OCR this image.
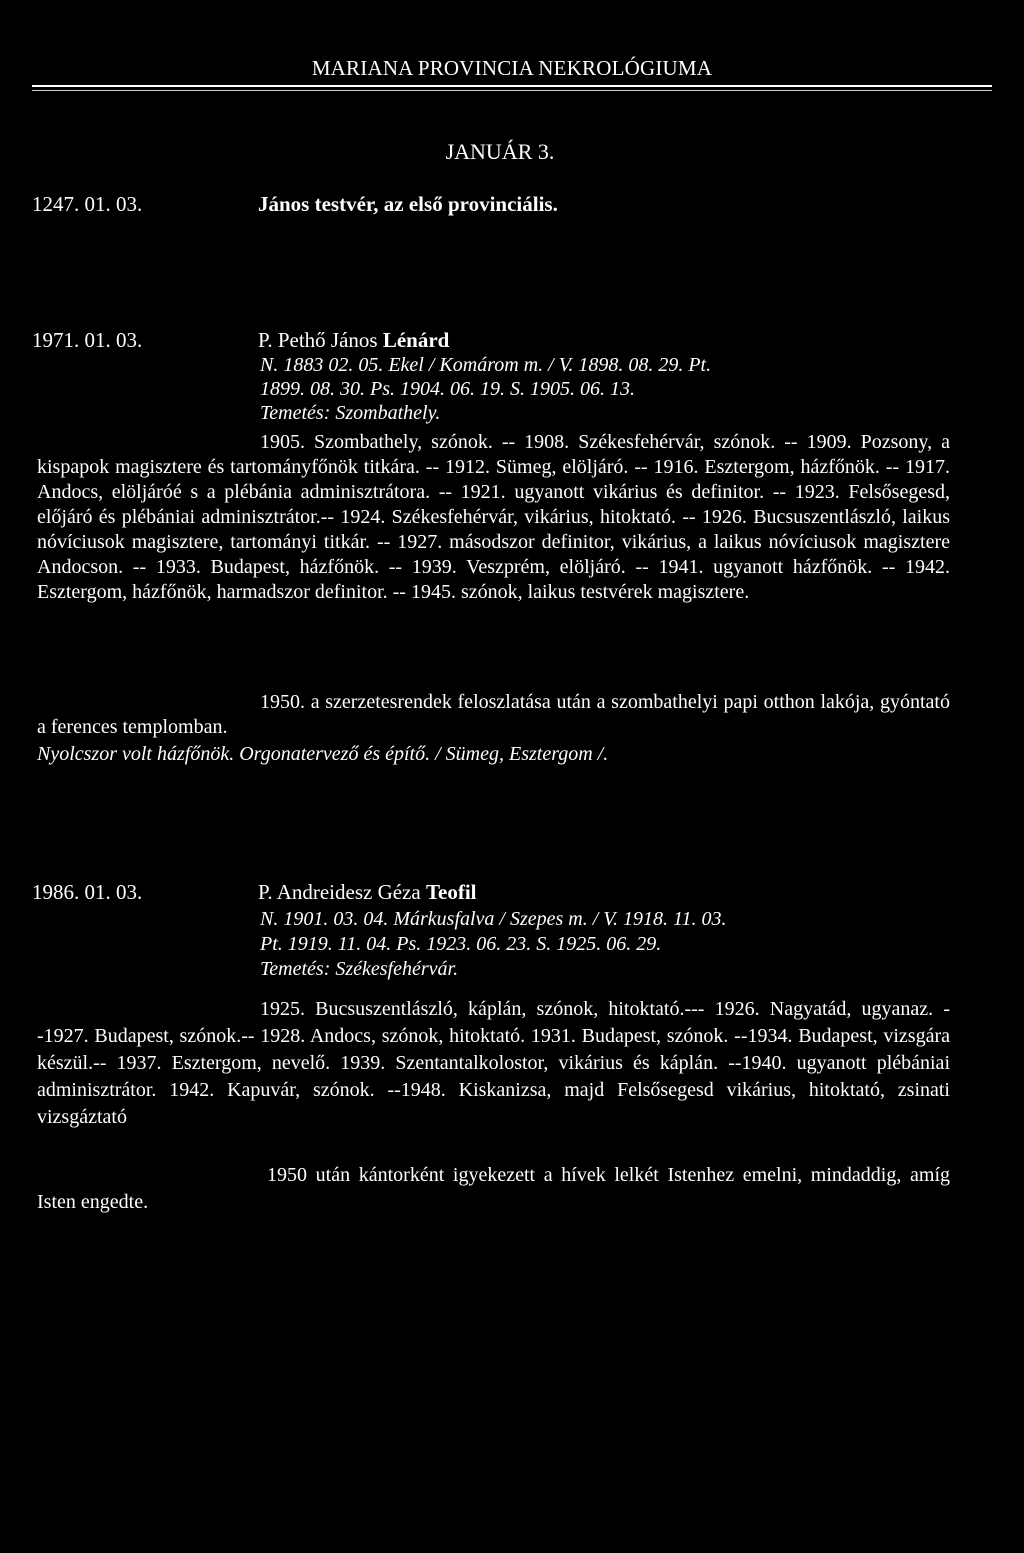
MARIANA PROVINCIA NEKROLÓGIUMA
JANUÁR 3.
1247. 01. 03.	János testvér, az első provinciális.
1971. 01. 03.	P. Pethő János Lénárd
N. 1883 02. 05. Ekel / Komárom m. / V. 1898. 08. 29. Pt.
1899. 08. 30. Ps. 1904. 06. 19. S. 1905. 06. 13.
Temetés: Szombathely.
1905. Szombathely, szónok. -- 1908. Székesfehérvár, szónok. -- 1909. Pozsony, a kispapok magisztere és tartományfőnök titkára. -- 1912. Sümeg, elöljáró. -- 1916. Esztergom, házfőnök. -- 1917. Andocs, elöljáróé s a plébánia adminisztrátora. -- 1921. ugyanott vikárius és definitor. -- 1923. Felsősegesd, előjáró és plébániai adminisztrátor.-- 1924. Székesfehérvár, vikárius, hitoktató. -- 1926. Bucsuszentlászló, laikus nóvíciusok magisztere, tartományi titkár. -- 1927. másodszor definitor, vikárius, a laikus nóvíciusok magisztere Andocson. -- 1933. Budapest, házfőnök. -- 1939. Veszprém, elöljáró. -- 1941. ugyanott házfőnök. -- 1942. Esztergom, házfőnök, harmadszor definitor. -- 1945. szónok, laikus testvérek magisztere.
1950. a szerzetesrendek feloszlatása után a szombathelyi papi otthon lakója, gyóntató a ferences templomban.
Nyolcszor volt házfőnök. Orgonatervező és építő. / Sümeg, Esztergom /.
1986. 01. 03.	P. Andreidesz Géza Teofil
N. 1901. 03. 04. Márkusfalva / Szepes m. / V. 1918. 11. 03.
Pt. 1919. 11. 04. Ps. 1923. 06. 23. S. 1925. 06. 29.
Temetés: Székesfehérvár.
1925. Bucsuszentlászló, káplán, szónok, hitoktató.--- 1926. Nagyatád, ugyanaz. --1927. Budapest, szónok.-- 1928. Andocs, szónok, hitoktató. 1931. Budapest, szónok. --1934. Budapest, vizsgára készül.-- 1937. Esztergom, nevelő. 1939. Szentantalkolostor, vikárius és káplán. --1940. ugyanott plébániai adminisztrátor. 1942. Kapuvár, szónok. --1948. Kiskanizsa, majd Felsősegesd vikárius, hitoktató, zsinati vizsgáztató
1950 után kántorként igyekezett a hívek lelkét Istenhez emelni, mindaddig, amíg Isten engedte.
